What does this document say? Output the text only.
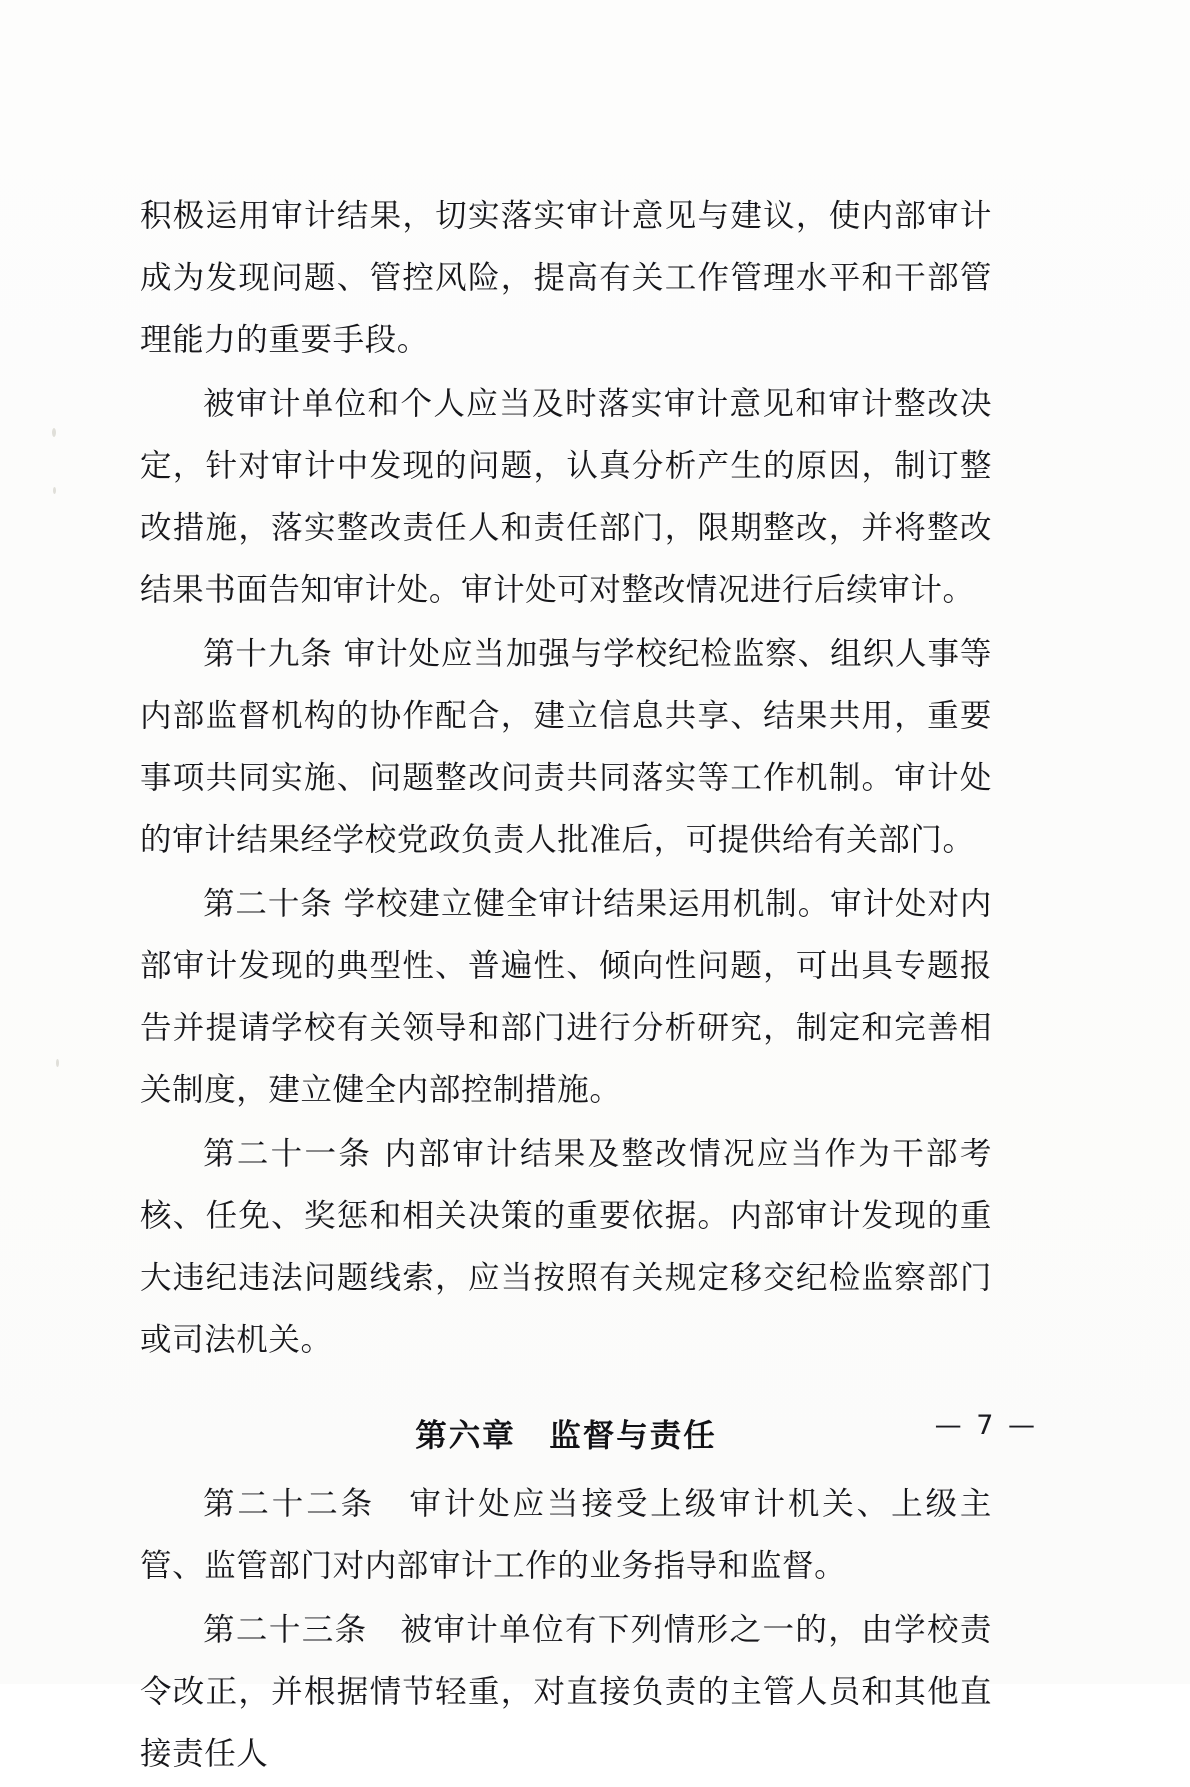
积极运用审计结果，切实落实审计意见与建议，使内部审计成为发现问题、管控风险，提高有关工作管理水平和干部管理能力的重要手段。

被审计单位和个人应当及时落实审计意见和审计整改决定，针对审计中发现的问题，认真分析产生的原因，制订整改措施，落实整改责任人和责任部门，限期整改，并将整改结果书面告知审计处。审计处可对整改情况进行后续审计。

第十九条 审计处应当加强与学校纪检监察、组织人事等内部监督机构的协作配合，建立信息共享、结果共用，重要事项共同实施、问题整改问责共同落实等工作机制。审计处的审计结果经学校党政负责人批准后，可提供给有关部门。

第二十条 学校建立健全审计结果运用机制。审计处对内部审计发现的典型性、普遍性、倾向性问题，可出具专题报告并提请学校有关领导和部门进行分析研究，制定和完善相关制度，建立健全内部控制措施。

第二十一条 内部审计结果及整改情况应当作为干部考核、任免、奖惩和相关决策的重要依据。内部审计发现的重大违纪违法问题线索，应当按照有关规定移交纪检监察部门或司法机关。

第六章　监督与责任

第二十二条　审计处应当接受上级审计机关、上级主管、监管部门对内部审计工作的业务指导和监督。

第二十三条　被审计单位有下列情形之一的，由学校责令改正，并根据情节轻重，对直接负责的主管人员和其他直接责任人

— 7 —
